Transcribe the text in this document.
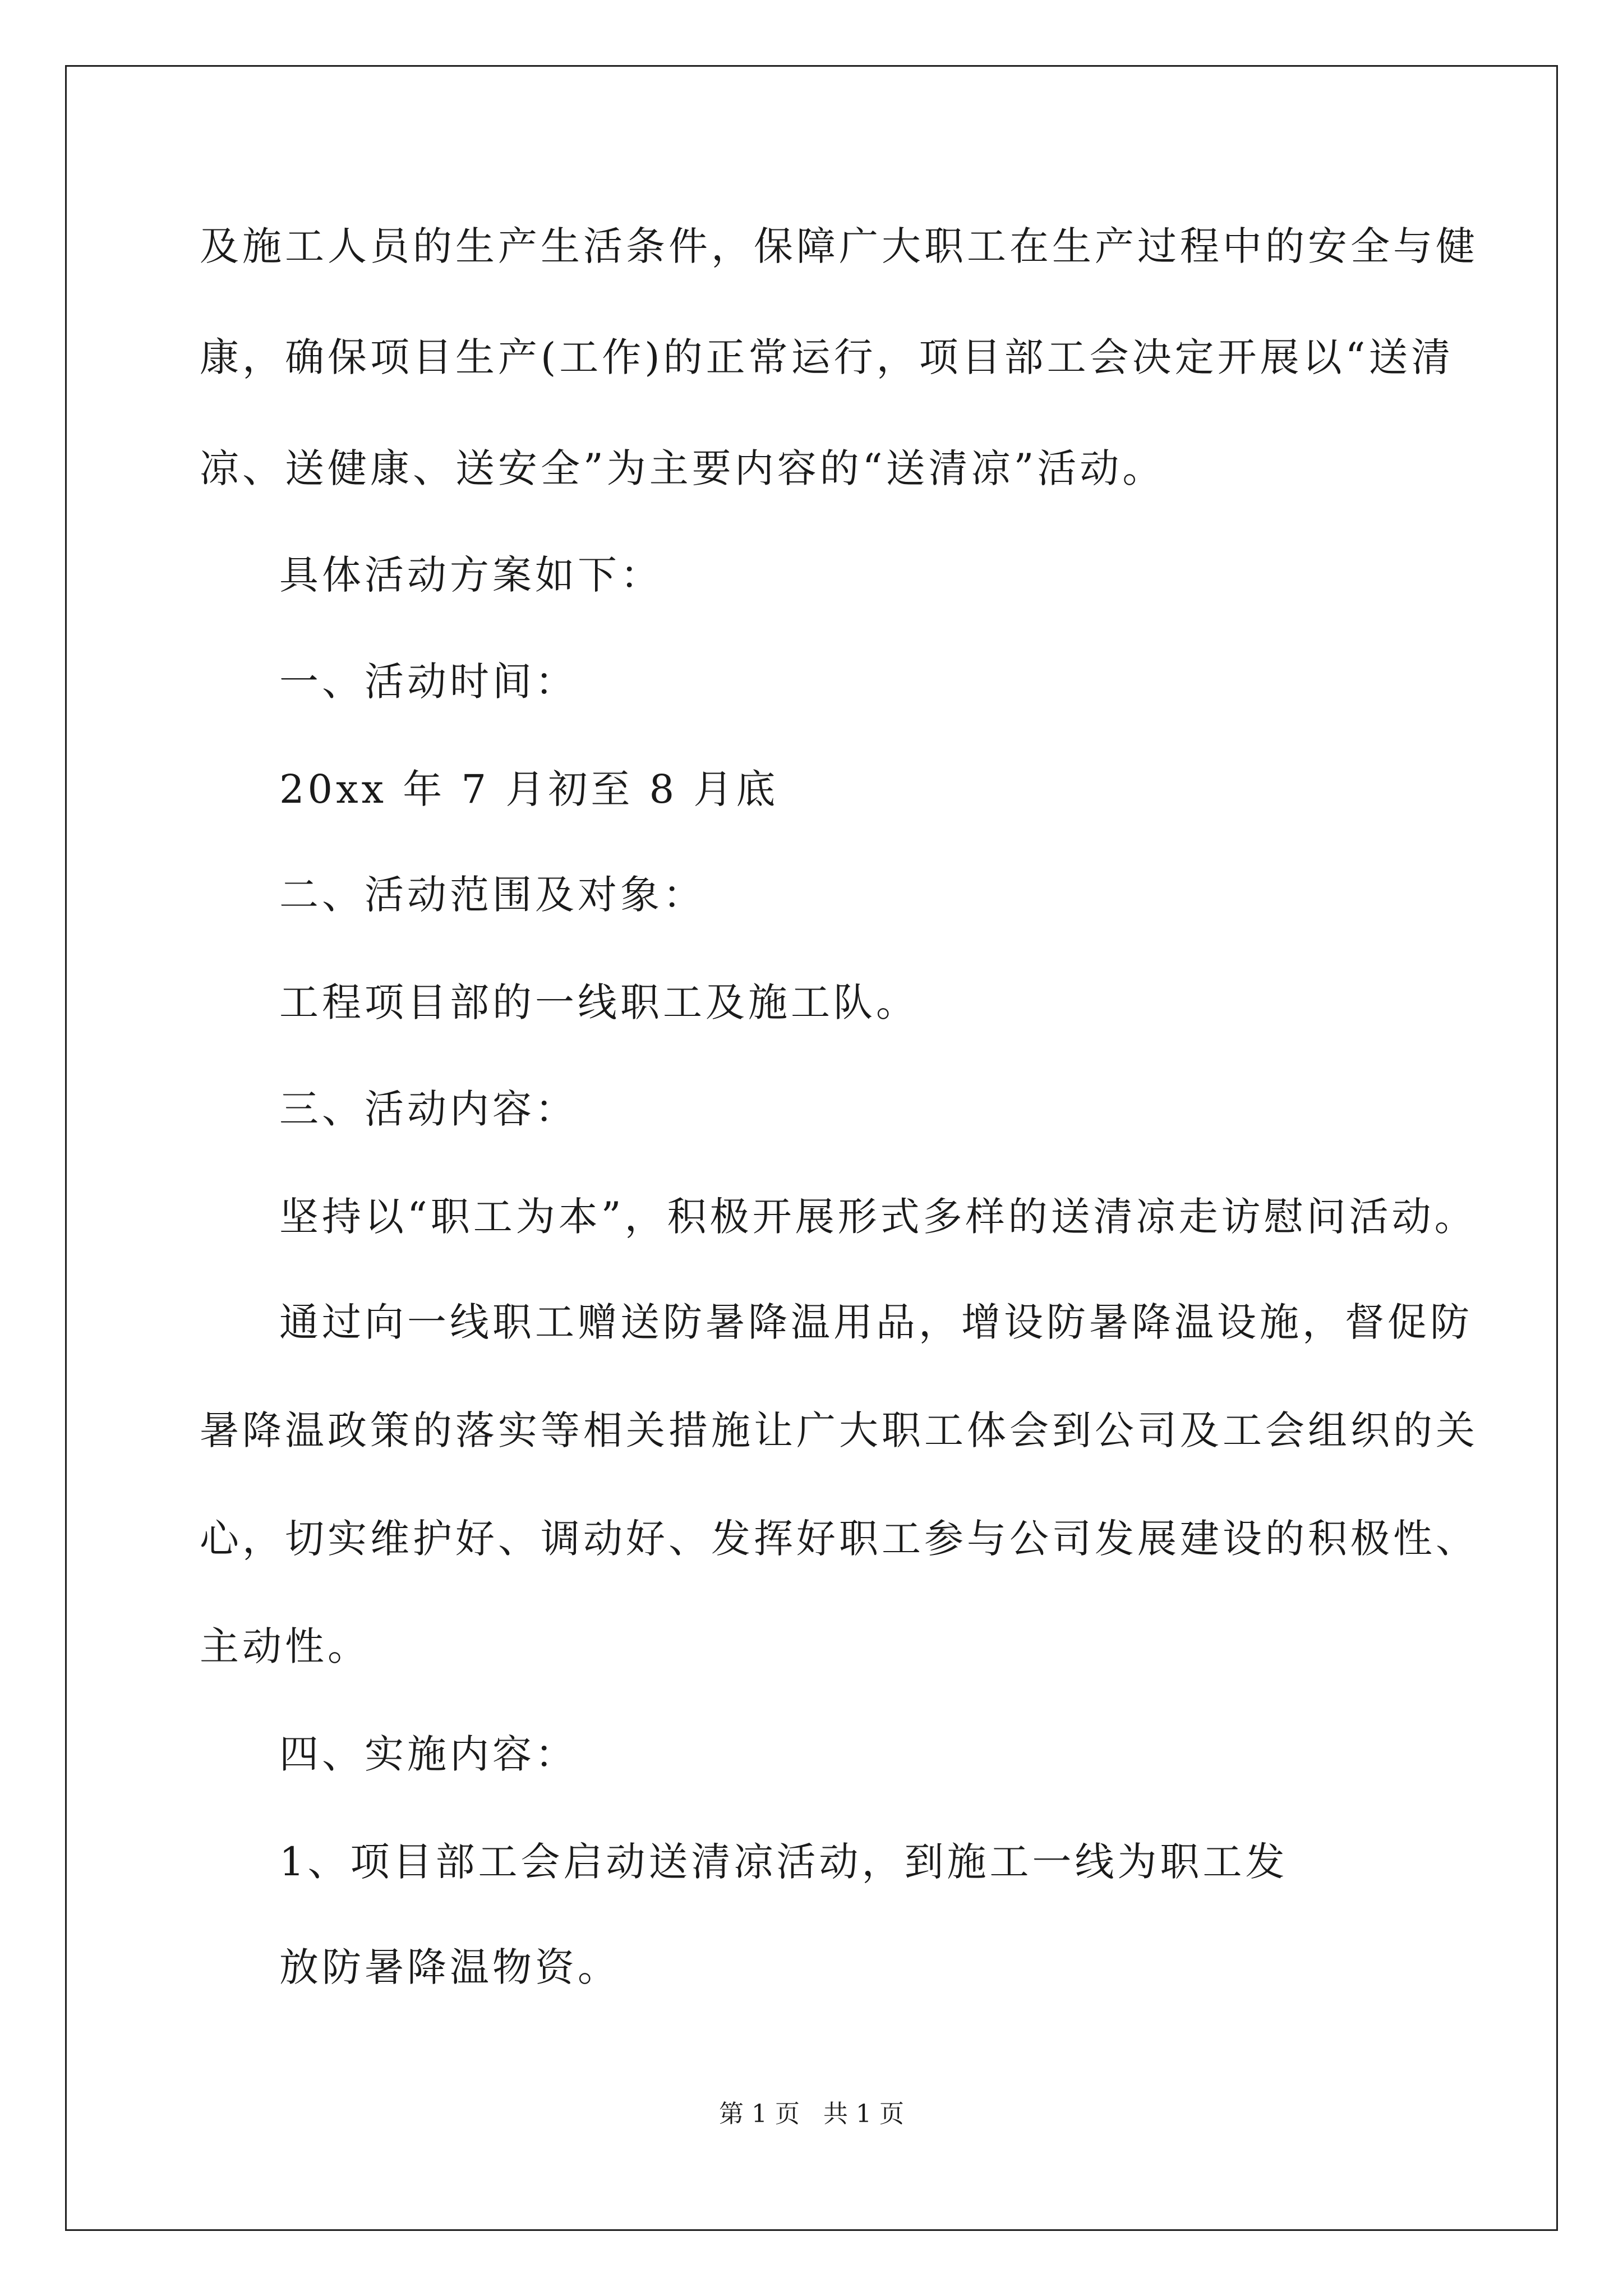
及施工人员的生产生活条件，保障广大职工在生产过程中的安全与健

康，确保项目生产(工作)的正常运行，项目部工会决定开展以“送清

凉、送健康、送安全”为主要内容的“送清凉”活动。

具体活动方案如下：

一、活动时间：

20xx 年 7 月初至 8 月底

二、活动范围及对象：

工程项目部的一线职工及施工队。

三、活动内容：

坚持以“职工为本”，积极开展形式多样的送清凉走访慰问活动。

通过向一线职工赠送防暑降温用品，增设防暑降温设施，督促防

暑降温政策的落实等相关措施让广大职工体会到公司及工会组织的关

心，切实维护好、调动好、发挥好职工参与公司发展建设的积极性、

主动性。

四、实施内容：

1、项目部工会启动送清凉活动，到施工一线为职工发

放防暑降温物资。

第 1 页   共 1 页
